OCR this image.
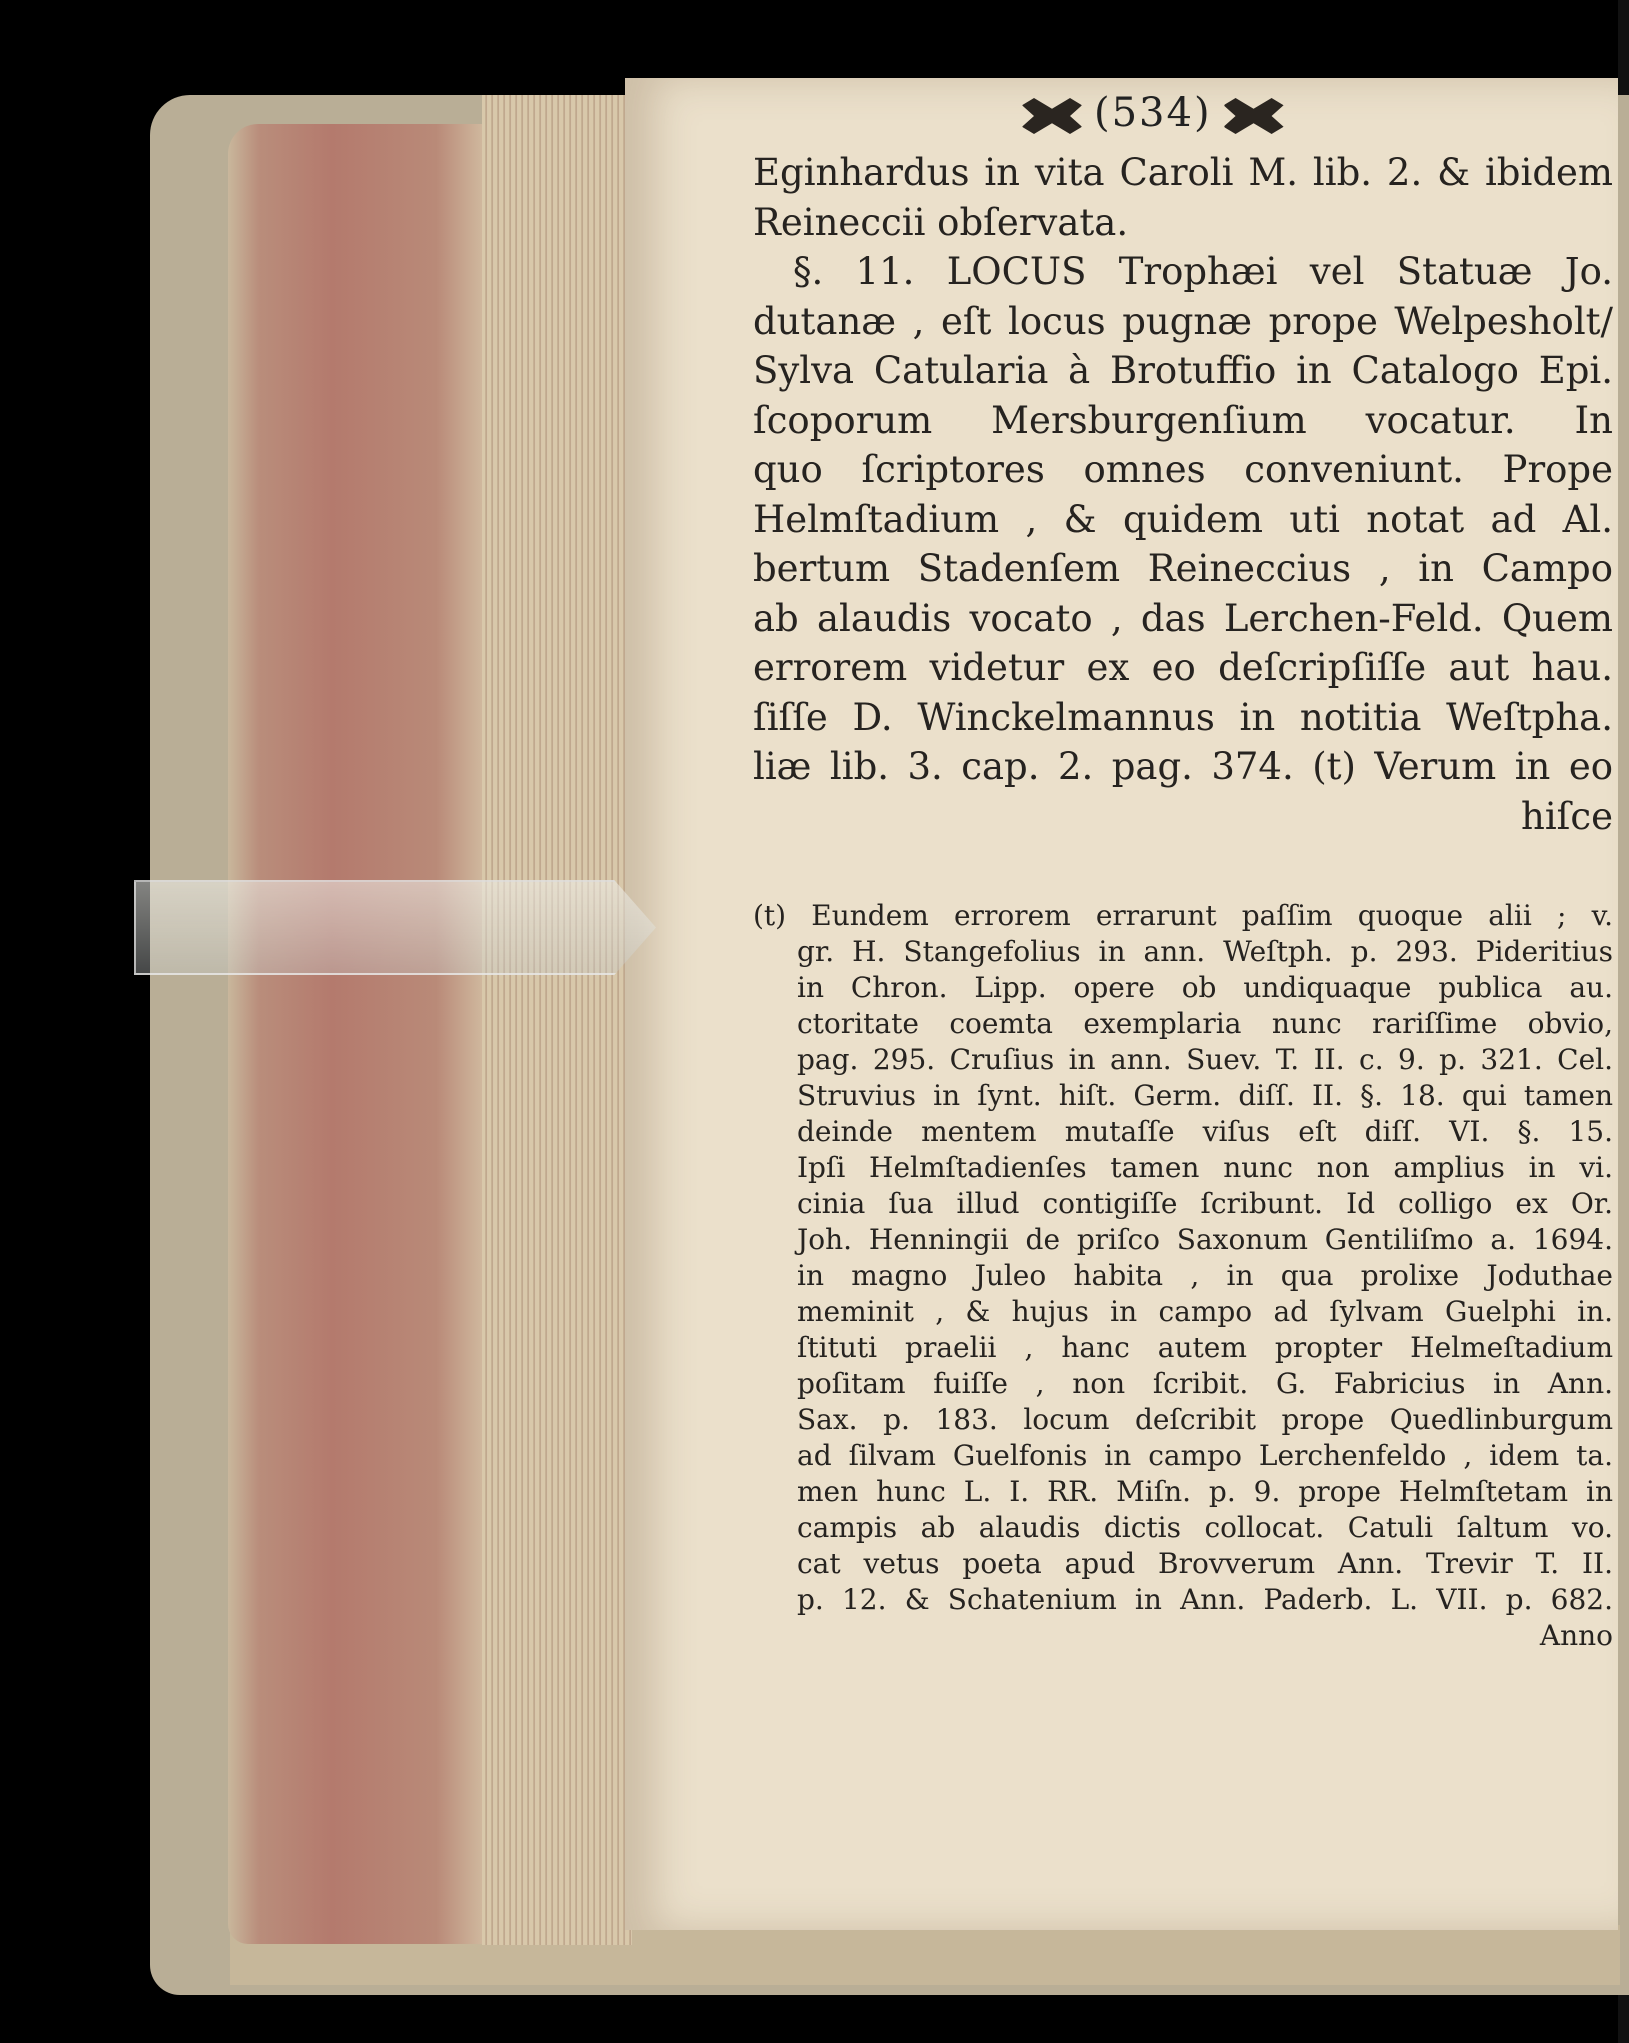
(534)
Eginhardus in vita Caroli M. lib. 2. & ibidem
Reineccii obſervata.
§. 11. LOCUS Trophæi vel Statuæ Jo.
dutanæ , eſt locus pugnæ prope Welpesholt/
Sylva Catularia à Brotuffio in Catalogo Epi.
ſcoporum Mersburgenſium vocatur. In
quo ſcriptores omnes conveniunt. Prope
Helmſtadium , & quidem uti notat ad Al.
bertum Stadenſem Reineccius , in Campo
ab alaudis vocato , das Lerchen-Feld. Quem
errorem videtur ex eo deſcripſiſſe aut hau.
ſiſſe D. Winckelmannus in notitia Weſtpha.
liæ lib. 3. cap. 2. pag. 374. (t) Verum in eo
hiſce
(t) Eundem errorem errarunt paſſim quoque alii ; v.
gr. H. Stangefolius in ann. Weſtph. p. 293. Pideritius
in Chron. Lipp. opere ob undiquaque publica au.
ctoritate coemta exemplaria nunc rariſſime obvio,
pag. 295. Cruſius in ann. Suev. T. II. c. 9. p. 321. Cel.
Struvius in ſynt. hiſt. Germ. diſſ. II. §. 18. qui tamen
deinde mentem mutaſſe viſus eſt diſſ. VI. §. 15.
Ipſi Helmſtadienſes tamen nunc non amplius in vi.
cinia ſua illud contigiſſe ſcribunt. Id colligo ex Or.
Joh. Henningii de priſco Saxonum Gentiliſmo a. 1694.
in magno Juleo habita , in qua prolixe Joduthae
meminit , & hujus in campo ad ſylvam Guelphi in.
ſtituti praelii , hanc autem propter Helmeſtadium
poſitam fuiſſe , non ſcribit. G. Fabricius in Ann.
Sax. p. 183. locum deſcribit prope Quedlinburgum
ad ſilvam Guelfonis in campo Lerchenfeldo , idem ta.
men hunc L. I. RR. Miſn. p. 9. prope Helmſtetam in
campis ab alaudis dictis collocat. Catuli ſaltum vo.
cat vetus poeta apud Brovverum Ann. Trevir T. II.
p. 12. & Schatenium in Ann. Paderb. L. VII. p. 682.
Anno
